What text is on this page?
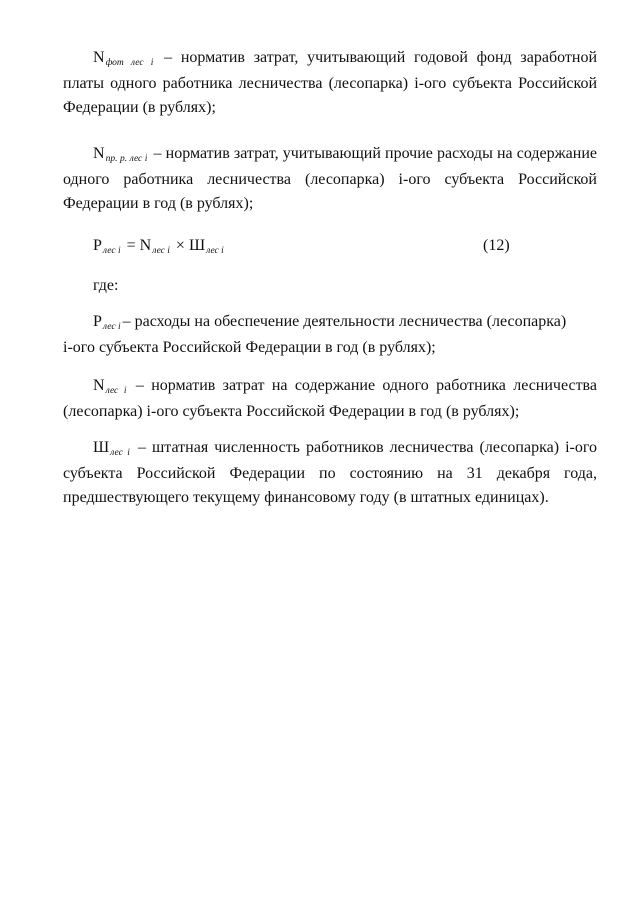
Nфот лес i – норматив затрат, учитывающий годовой фонд заработной платы одного работника лесничества (лесопарка) i-ого субъекта Российской Федерации (в рублях);

Nпр. р. лес i – норматив затрат, учитывающий прочие расходы на содержание одного работника лесничества (лесопарка) i-ого субъекта Российской Федерации в год (в рублях);

Рлес i = Nлес i × Шлес i	(12)
где:
Рлес i – расходы на обеспечение деятельности лесничества (лесопарка)
i-ого субъекта Российской Федерации в год (в рублях);

Nлес i – норматив затрат на содержание одного работника лесничества (лесопарка) i-ого субъекта Российской Федерации в год (в рублях);

Шлес i – штатная численность работников лесничества (лесопарка) i-ого
субъекта Российской Федерации по состоянию на 31 декабря года,
предшествующего текущему финансовому году (в штатных единицах).
